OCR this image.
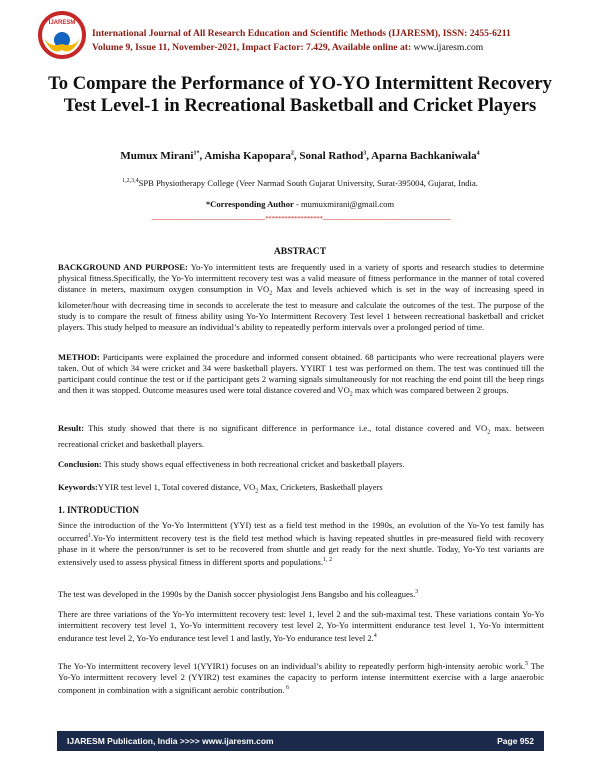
IJARESM
International Journal of All Research Education and Scientific Methods (IJARESM), ISSN: 2455-6211
Volume 9, Issue 11, November-2021, Impact Factor: 7.429, Available online at: www.ijaresm.com
To Compare the Performance of YO-YO Intermittent Recovery Test Level-1 in Recreational Basketball and Cricket Players
Mumux Mirani$^{1*}$, Amisha Kapopara$^2$, Sonal Rathod$^3$, Aparna Bachkaniwala$^4$
$^{1,2,3,4}$SPB Physiotherapy College (Veer Narmad South Gujarat University, Surat-395004, Gujarat, India.
*Corresponding Author - mumuxmirani@gmail.com
--------------------------------------------------------******************---------------------------------------------------------------
ABSTRACT

BACKGROUND AND PURPOSE: Yo-Yo intermittent tests are frequently used in a variety of sports and research studies to determine physical fitness.Specifically, the Yo-Yo intermittent recovery test was a valid measure of fitness performance in the manner of total covered distance in meters, maximum oxygen consumption in $VO_2$ Max and levels achieved which is set in the way of increasing speed in kilometer/hour with decreasing time in seconds to accelerate the test to measure and calculate the outcomes of the test. The purpose of the study is to compare the result of fitness ability using Yo-Yo Intermittent Recovery Test level 1 between recreational basketball and cricket players. This study helped to measure an individual’s ability to repeatedly perform intervals over a prolonged period of time.

METHOD: Participants were explained the procedure and informed consent obtained. 68 participants who were recreational players were taken. Out of which 34 were cricket and 34 were basketball players. YYIRT 1 test was performed on them. The test was continued till the participant could continue the test or if the participant gets 2 warning signals simultaneously for not reaching the end point till the beep rings and then it was stopped. Outcome measures used were total distance covered and $VO_2$ max which was compared between 2 groups.

Result: This study showed that there is no significant difference in performance i.e., total distance covered and $VO_2$ max. between recreational cricket and basketball players.

Conclusion: This study shows equal effectiveness in both recreational cricket and basketball players.

Keywords:YYIR test level 1, Total covered distance, $VO_2$ Max, Cricketers, Basketball players

1. INTRODUCTION

Since the introduction of the Yo-Yo Intermittent (YYI) test as a field test method in the 1990s, an evolution of the Yo-Yo test family has occurred$^1$.Yo-Yo intermittent recovery test is the field test method which is having repeated shuttles in pre-measured field with recovery phase in it where the person/runner is set to be recovered from shuttle and get ready for the next shuttle. Today, Yo-Yo test variants are extensively used to assess physical fitness in different sports and populations.$^{1, 2}$

The test was developed in the 1990s by the Danish soccer physiologist Jens Bangsbo and his colleagues.$^3$

There are three variations of the Yo-Yo intermittent recovery test: level 1, level 2 and the sub-maximal test. These variations contain Yo-Yo intermittent recovery test level 1, Yo-Yo intermittent recovery test level 2, Yo-Yo intermittent endurance test level 1, Yo-Yo intermittent endurance test level 2, Yo-Yo endurance test level 1 and lastly, Yo-Yo endurance test level 2.$^4$

The Yo-Yo intermittent recovery level 1(YYIR1) focuses on an individual’s ability to repeatedly perform high-intensity aerobic work.$^5$ The Yo-Yo intermittent recovery level 2 (YYIR2) test examines the capacity to perform intense intermittent exercise with a large anaerobic component in combination with a significant aerobic contribution. $^6$

IJARESM Publication, India >>>> www.ijaresm.com	Page 952
